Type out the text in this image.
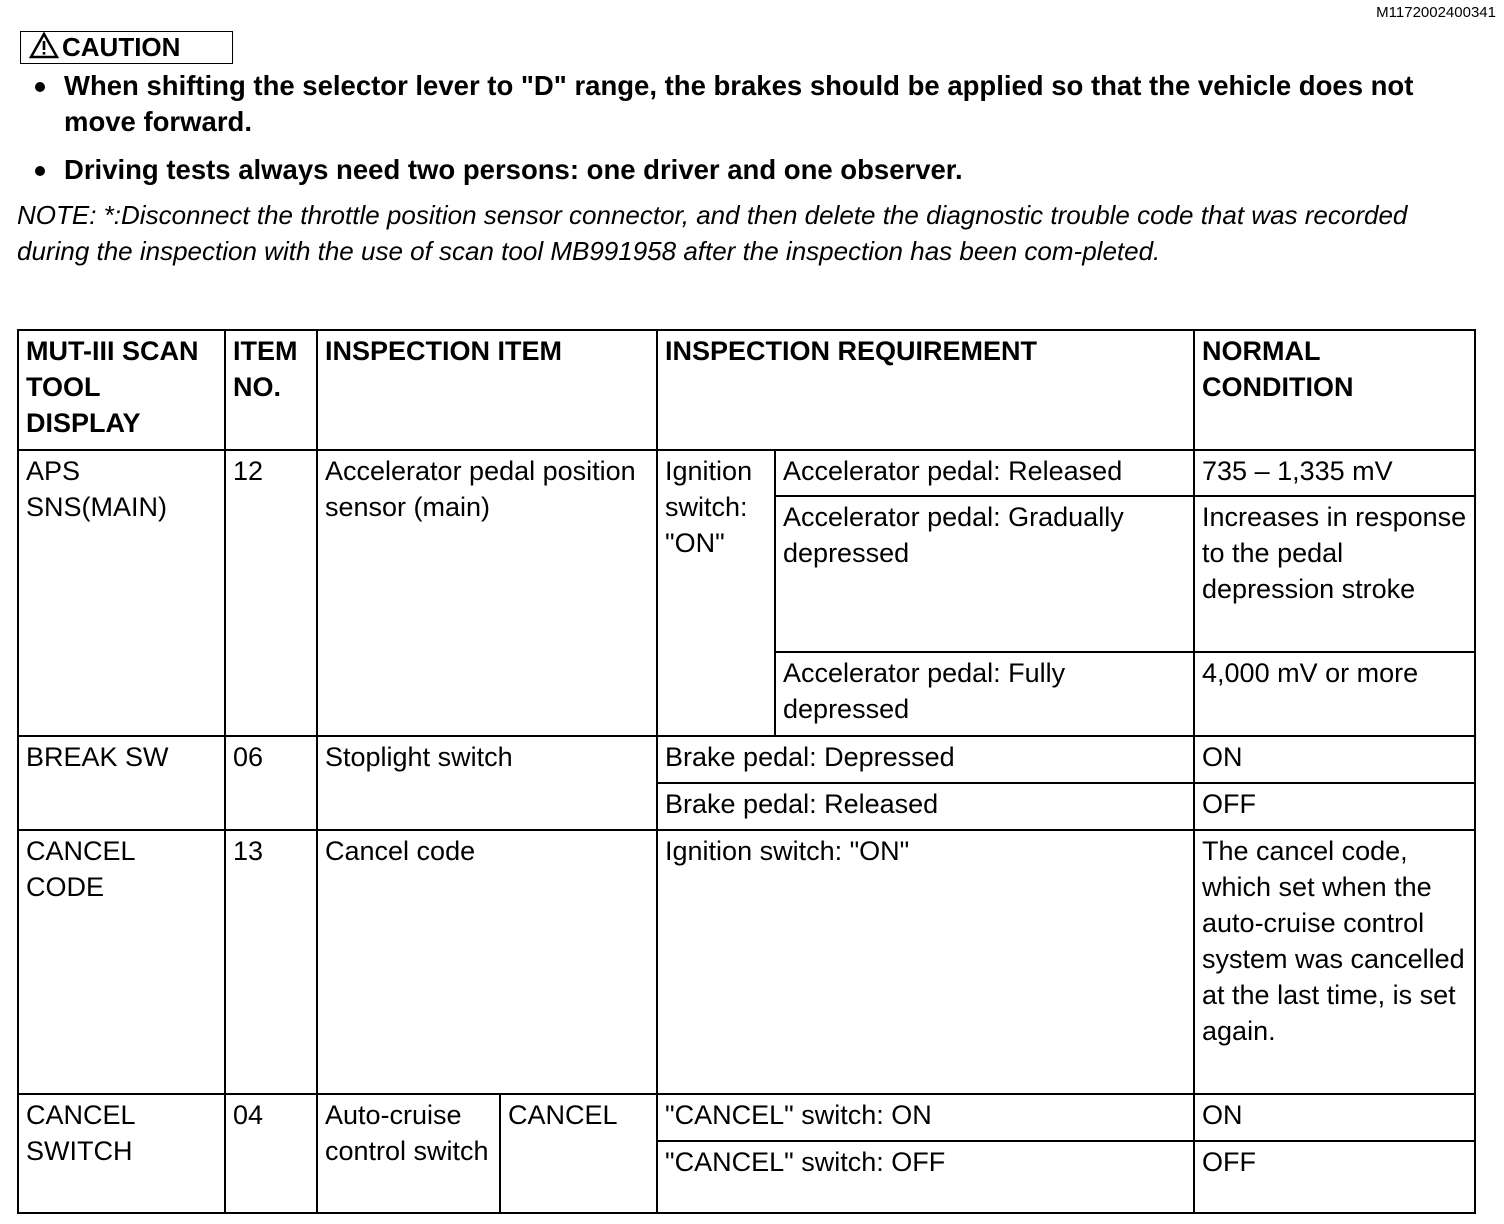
M1172002400341
CAUTION
When shifting the selector lever to "D" range, the brakes should be applied so that the vehicle does not move forward.
Driving tests always need two persons: one driver and one observer.
NOTE: *:Disconnect the throttle position sensor connector, and then delete the diagnostic trouble code that was recorded during the inspection with the use of scan tool MB991958 after the inspection has been com-pleted.
MUT-III SCAN TOOL DISPLAY	ITEM NO.	INSPECTION ITEM		INSPECTION REQUIREMENT		NORMAL CONDITION
APS SNS(MAIN)	12	Accelerator pedal position sensor (main)		Ignition switch: "ON"	Accelerator pedal: Released	735 – 1,335 mV
					Accelerator pedal: Gradually depressed	Increases in response to the pedal depression stroke
					Accelerator pedal: Fully depressed	4,000 mV or more
BREAK SW	06	Stoplight switch		Brake pedal: Depressed		ON
				Brake pedal: Released		OFF
CANCEL CODE	13	Cancel code		Ignition switch: "ON"		The cancel code, which set when the auto-cruise control system was cancelled at the last time, is set again.
CANCEL SWITCH	04	Auto-cruise control switch	CANCEL	"CANCEL" switch: ON		ON
				"CANCEL" switch: OFF		OFF
